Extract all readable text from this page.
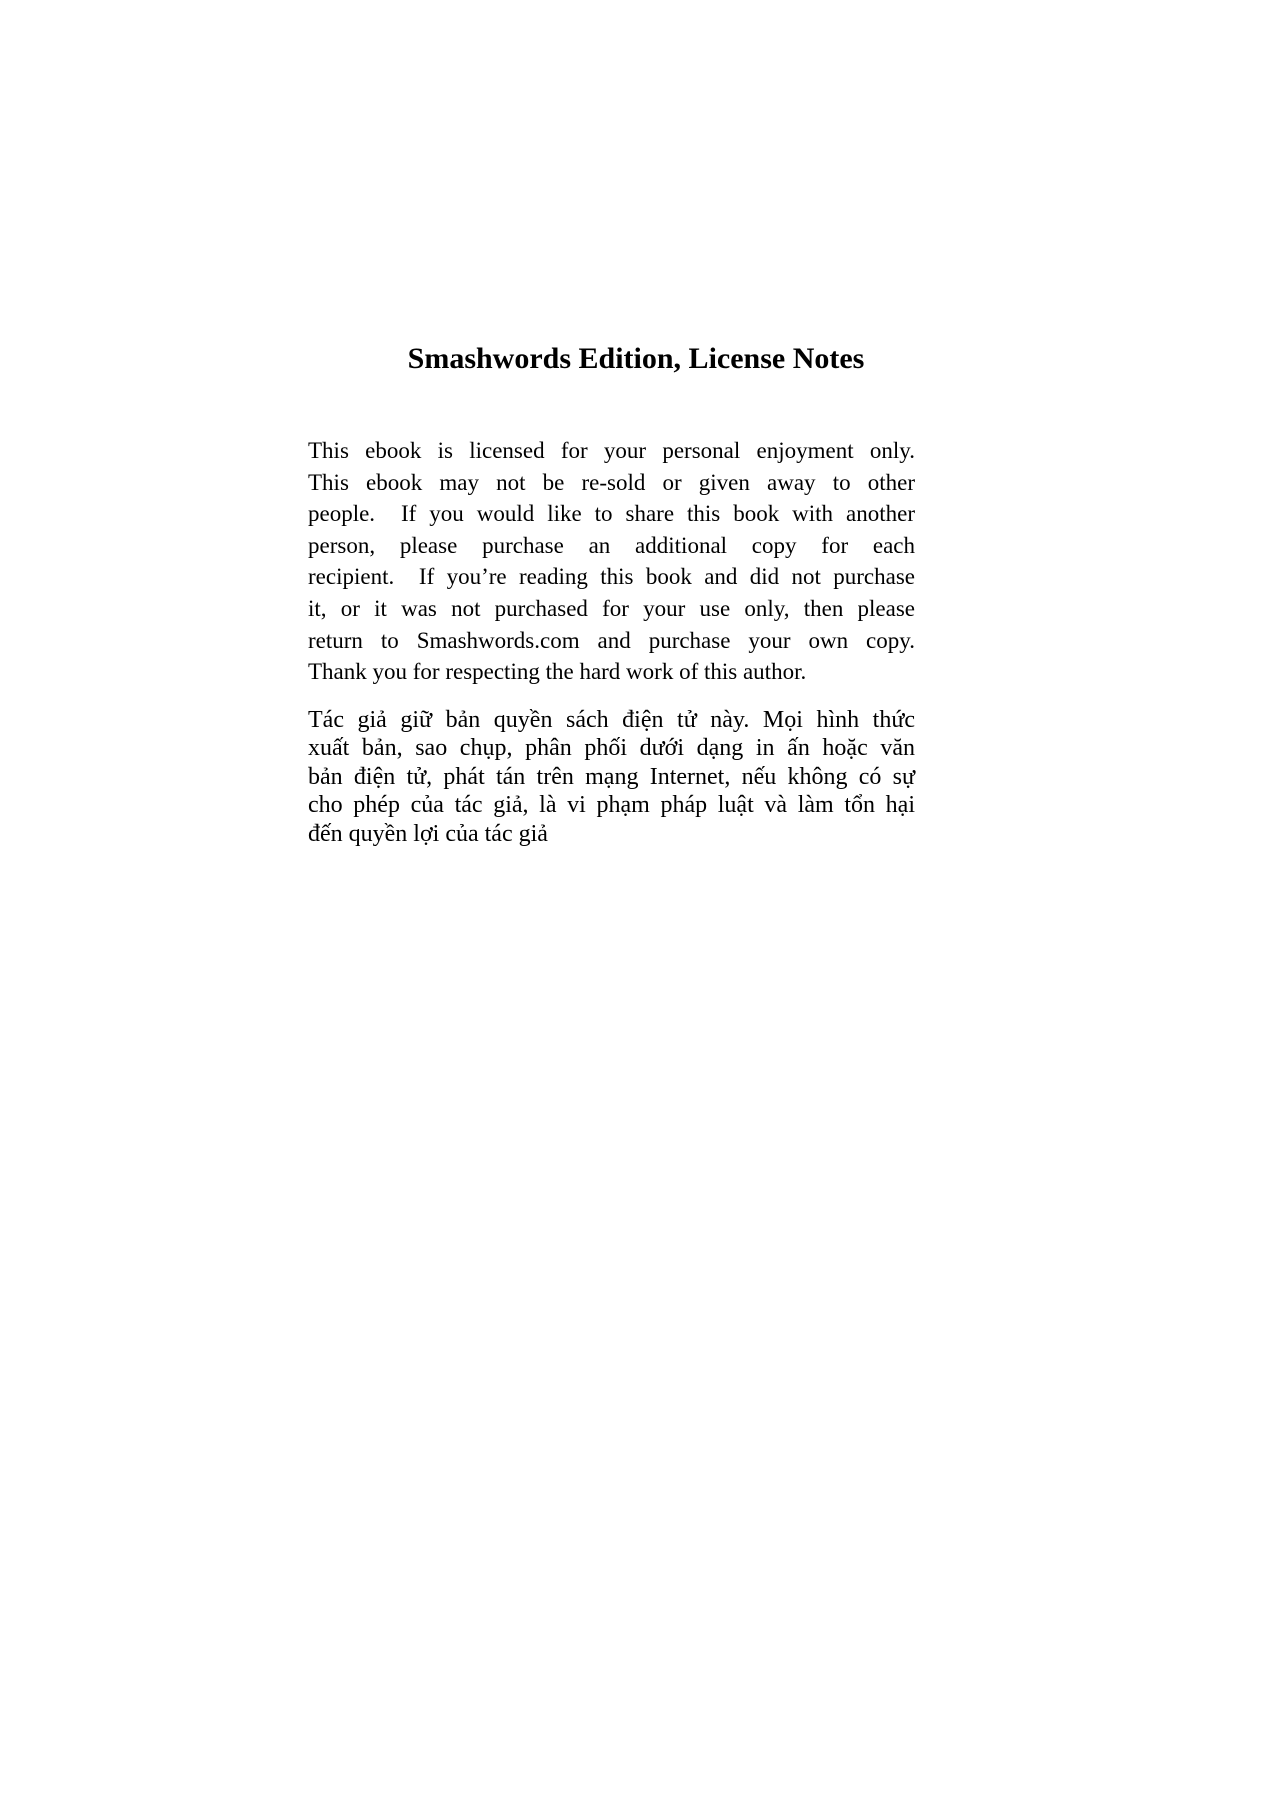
Smashwords Edition, License Notes
This ebook is licensed for your personal enjoyment only.
This ebook may not be re-sold or given away to other
people.  If you would like to share this book with another
person, please purchase an additional copy for each
recipient.  If you’re reading this book and did not purchase
it, or it was not purchased for your use only, then please
return to Smashwords.com and purchase your own copy.
Thank you for respecting the hard work of this author.
Tác giả giữ bản quyền sách điện tử này. Mọi hình thức
xuất bản, sao chụp, phân phối dưới dạng in ấn hoặc văn
bản điện tử, phát tán trên mạng Internet, nếu không có sự
cho phép của tác giả, là vi phạm pháp luật và làm tổn hại
đến quyền lợi của tác giả
